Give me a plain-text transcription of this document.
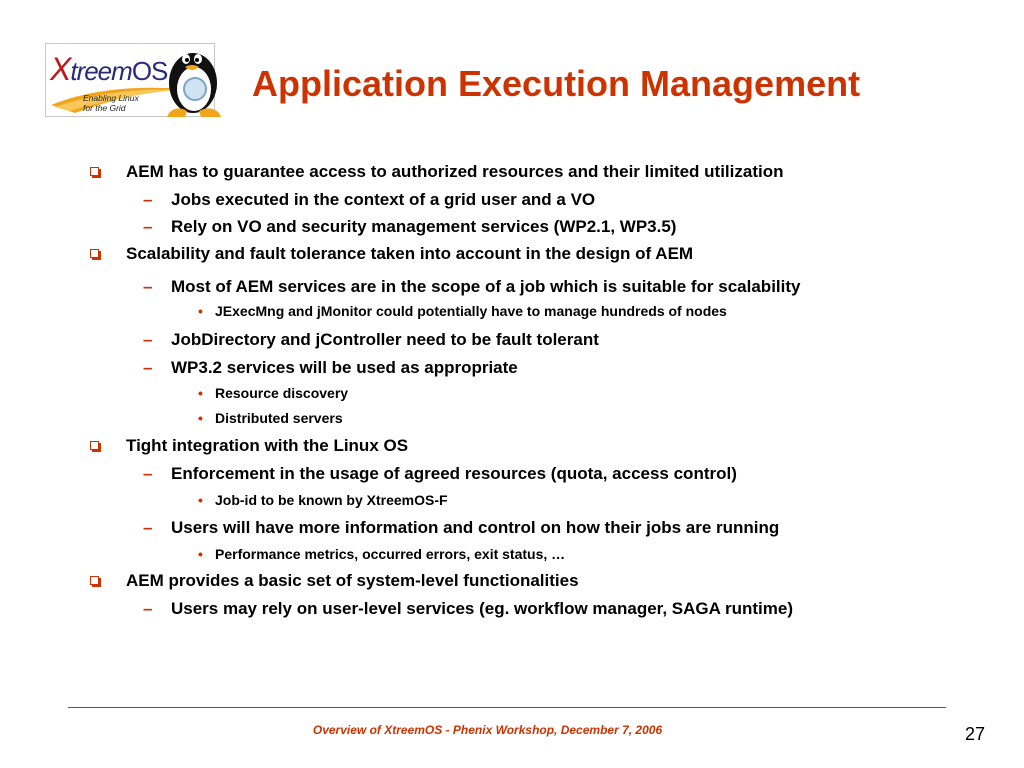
XtreemOS
Enabling Linux
for the Grid
Application Execution Management
AEM has to guarantee access to authorized resources and their limited utilization
– Jobs executed in the context of a grid user and a VO
– Rely on VO and security management services (WP2.1, WP3.5)
Scalability and fault tolerance taken into account in the design of AEM
– Most of AEM services are in the scope of a job which is suitable for scalability
• JExecMng and jMonitor could potentially have to manage hundreds of nodes
– JobDirectory and jController need to be fault tolerant
– WP3.2 services will be used as appropriate
• Resource discovery
• Distributed servers
Tight integration with the Linux OS
– Enforcement in the usage of agreed resources (quota, access control)
• Job-id to be known by XtreemOS-F
– Users will have more information and control on how their jobs are running
• Performance metrics, occurred errors, exit status, …
AEM provides a basic set of system-level functionalities
– Users may rely on user-level services (eg. workflow manager, SAGA runtime)
Overview of XtreemOS - Phenix Workshop, December 7, 2006	27
